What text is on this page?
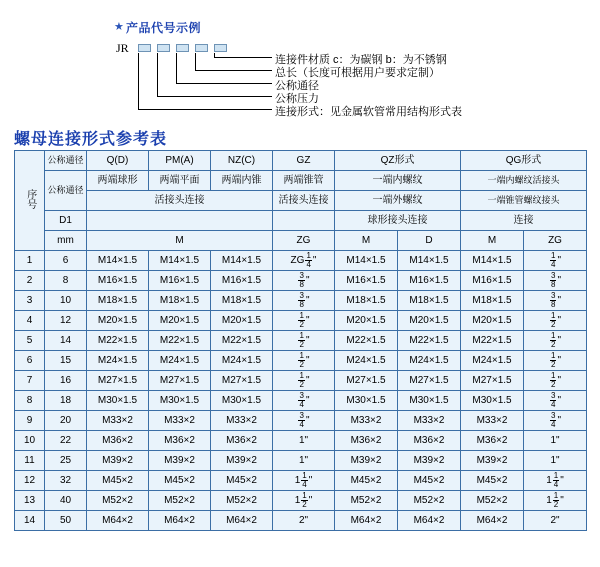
★ 产品代号示例
JR
连接件材质 c：为碳钢 b：为不锈钢
总长（长度可根据用户要求定制）
公称通径
公称压力
连接形式：见金属软管常用结构形式表
螺母连接形式参考表
序号	公称通径	Q(D)	PM(A)	NZ(C)	GZ	QZ形式		QG形式	
	公称通径	两端球形	两端平面	两端内锥	两端锥管	一端内螺纹		一端内螺纹活接头	
		活接头连接			活接头连接	一端外螺纹		一端锥管螺纹接头	
	D1					球形接头连接		连接	
	mm	M			ZG	M	D	M	ZG
1	6	M14×1.5	M14×1.5	M14×1.5	ZG $\frac{1}{4}$ "	M14×1.5	M14×1.5	M14×1.5	$\frac{1}{4}$ "
2	8	M16×1.5	M16×1.5	M16×1.5	$\frac{3}{8}$ "	M16×1.5	M16×1.5	M16×1.5	$\frac{3}{8}$ "
3	10	M18×1.5	M18×1.5	M18×1.5	$\frac{3}{8}$ "	M18×1.5	M18×1.5	M18×1.5	$\frac{3}{8}$ "
4	12	M20×1.5	M20×1.5	M20×1.5	$\frac{1}{2}$ "	M20×1.5	M20×1.5	M20×1.5	$\frac{1}{2}$ "
5	14	M22×1.5	M22×1.5	M22×1.5	$\frac{1}{2}$ "	M22×1.5	M22×1.5	M22×1.5	$\frac{1}{2}$ "
6	15	M24×1.5	M24×1.5	M24×1.5	$\frac{1}{2}$ "	M24×1.5	M24×1.5	M24×1.5	$\frac{1}{2}$ "
7	16	M27×1.5	M27×1.5	M27×1.5	$\frac{1}{2}$ "	M27×1.5	M27×1.5	M27×1.5	$\frac{1}{2}$ "
8	18	M30×1.5	M30×1.5	M30×1.5	$\frac{3}{4}$ "	M30×1.5	M30×1.5	M30×1.5	$\frac{3}{4}$ "
9	20	M33×2	M33×2	M33×2	$\frac{3}{4}$ "	M33×2	M33×2	M33×2	$\frac{3}{4}$ "
10	22	M36×2	M36×2	M36×2	1"	M36×2	M36×2	M36×2	1"
11	25	M39×2	M39×2	M39×2	1"	M39×2	M39×2	M39×2	1"
12	32	M45×2	M45×2	M45×2	$1 \frac{1}{4}$ "	M45×2	M45×2	M45×2	$1 \frac{1}{4}$ "
13	40	M52×2	M52×2	M52×2	$1 \frac{1}{2}$ "	M52×2	M52×2	M52×2	$1 \frac{1}{2}$ "
14	50	M64×2	M64×2	M64×2	2"	M64×2	M64×2	M64×2	2"
